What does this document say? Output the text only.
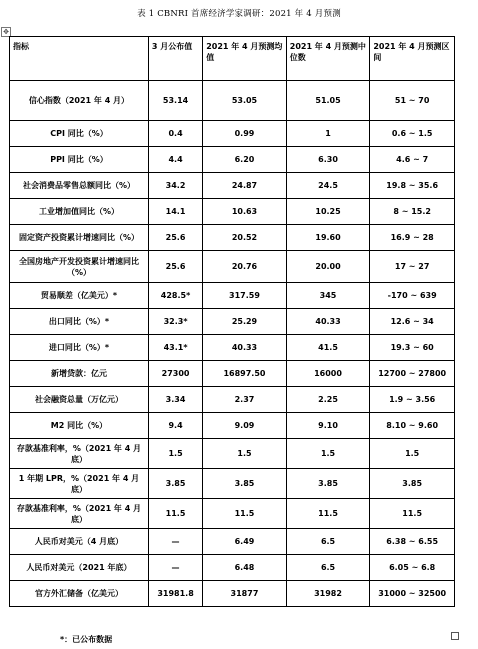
表 1 CBNRI 首席经济学家调研：2021 年 4 月预测
✥
指标	3 月公布值	2021 年 4 月预测均值	2021 年 4 月预测中位数	2021 年 4 月预测区间
信心指数（2021 年 4 月）	53.14	53.05	51.05	51 ~ 70
CPI 同比（%）	0.4	0.99	1	0.6 ~ 1.5
PPI 同比（%）	4.4	6.20	6.30	4.6 ~ 7
社会消费品零售总额同比（%）	34.2	24.87	24.5	19.8 ~ 35.6
工业增加值同比（%）	14.1	10.63	10.25	8 ~ 15.2
固定资产投资累计增速同比（%）	25.6	20.52	19.60	16.9 ~ 28
全国房地产开发投资累计增速同比（%）	25.6	20.76	20.00	17 ~ 27
贸易顺差（亿美元）*	428.5*	317.59	345	-170 ~ 639
出口同比（%）*	32.3*	25.29	40.33	12.6 ~ 34
进口同比（%）*	43.1*	40.33	41.5	19.3 ~ 60
新增贷款：亿元	27300	16897.50	16000	12700 ~ 27800
社会融资总量（万亿元）	3.34	2.37	2.25	1.9 ~ 3.56
M2 同比（%）	9.4	9.09	9.10	8.10 ~ 9.60
存款基准利率，%（2021 年 4 月底）	1.5	1.5	1.5	1.5
1 年期 LPR，%（2021 年 4 月底）	3.85	3.85	3.85	3.85
存款基准利率，%（2021 年 4 月底）	11.5	11.5	11.5	11.5
人民币对美元（4 月底）	—	6.49	6.5	6.38 ~ 6.55
人民币对美元（2021 年底）	—	6.48	6.5	6.05 ~ 6.8
官方外汇储备（亿美元）	31981.8	31877	31982	31000 ~ 32500
*：已公布数据
